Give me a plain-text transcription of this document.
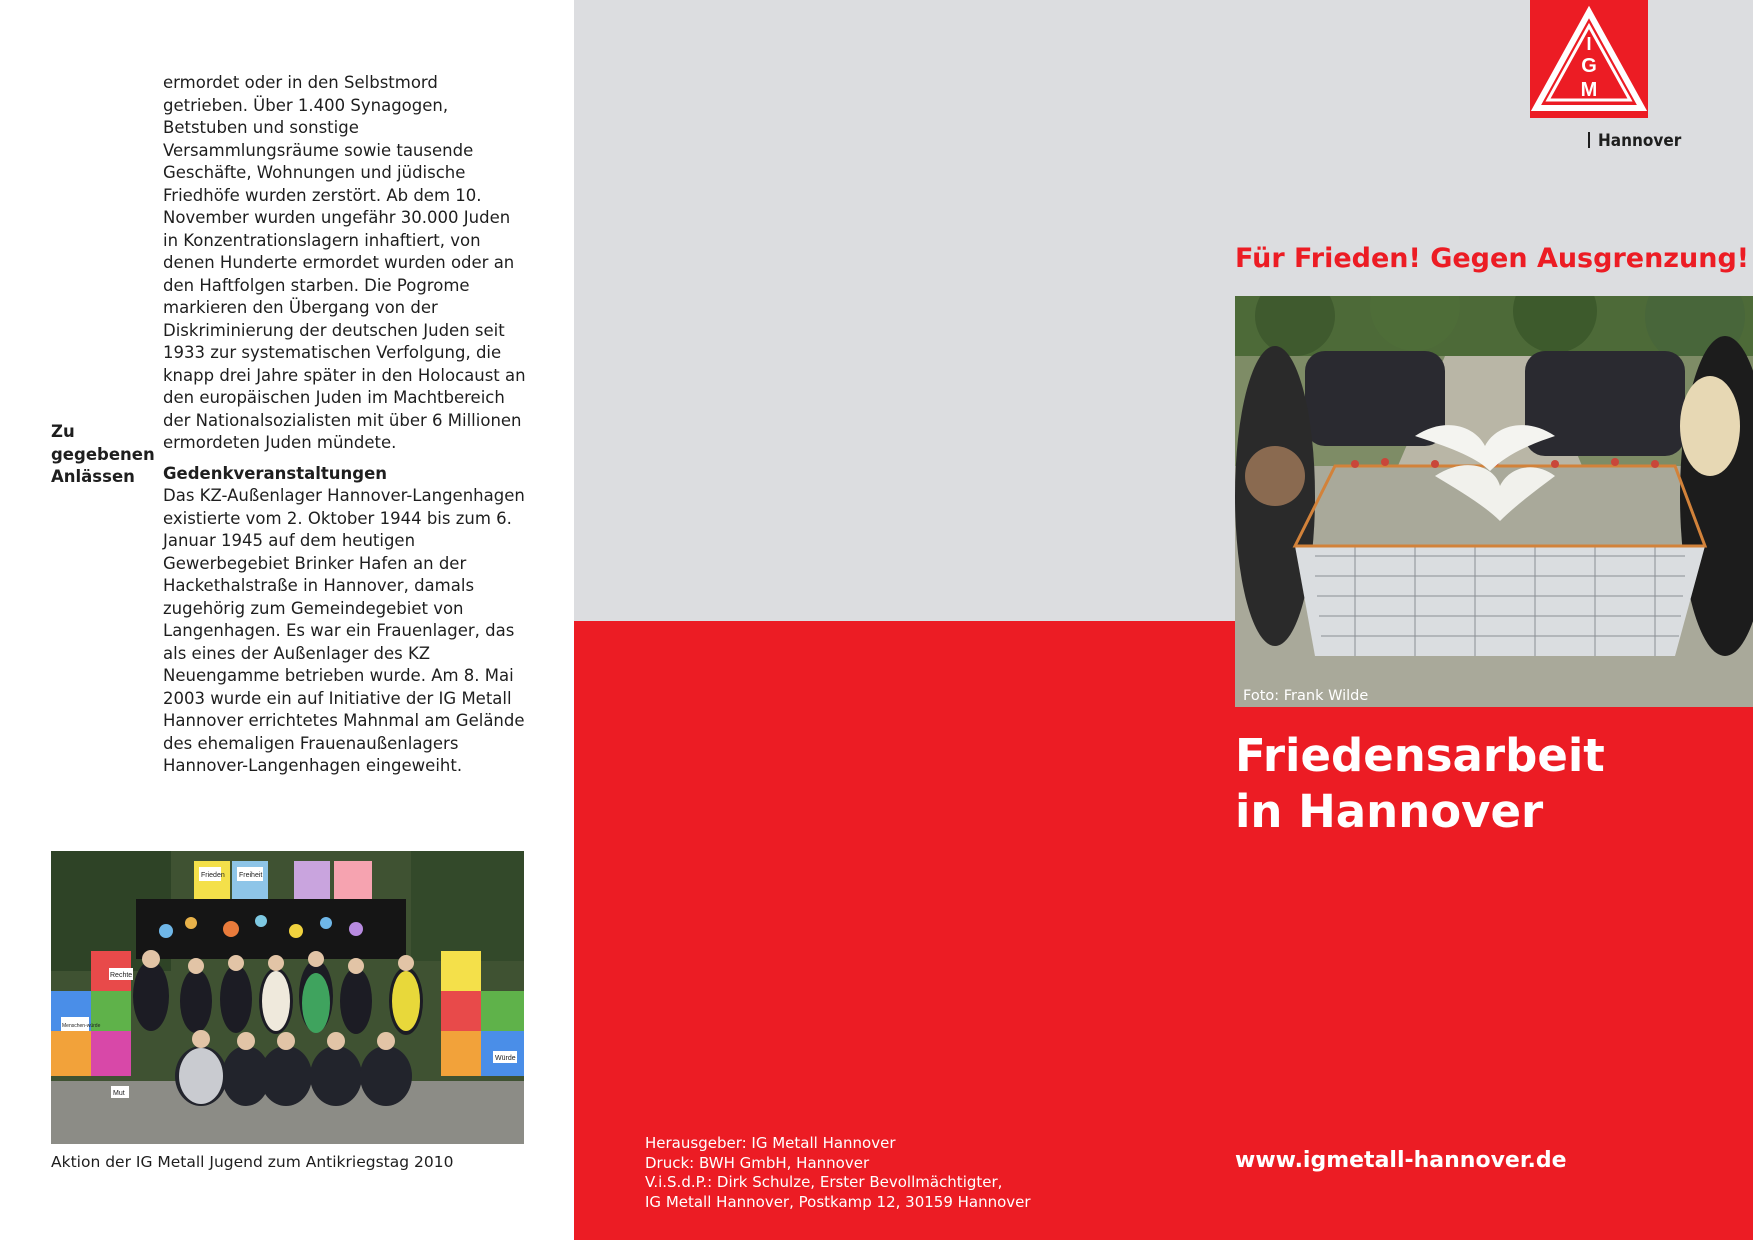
ermordet oder in den Selbstmord getrieben. Über 1.400 Synagogen, Betstuben und sonstige Versammlungsräume sowie tausende Geschäfte, Wohnungen und jüdische Friedhöfe wurden zerstört. Ab dem 10. November wurden ungefähr 30.000 Juden in Konzentrationslagern inhaftiert, von denen Hunderte ermordet wurden oder an den Haftfolgen starben. Die Pogrome markieren den Übergang von der Diskriminierung der deutschen Juden seit 1933 zur systematischen Verfolgung, die knapp drei Jahre später in den Holocaust an den europäischen Juden im Machtbereich der Nationalsozialisten mit über 6 Millionen ermordeten Juden mündete.

Gedenkveranstaltungen

Das KZ-Außenlager Hannover-Langenhagen existierte vom 2. Oktober 1944 bis zum 6. Januar 1945 auf dem heutigen Gewerbegebiet Brinker Hafen an der Hackethalstraße in Hannover, damals zugehörig zum Gemeindegebiet von Langenhagen. Es war ein Frauenlager, das als eines der Außenlager des KZ Neuengamme betrieben wurde. Am 8. Mai 2003 wurde ein auf Initiative der IG Metall Hannover errichtetes Mahnmal am Gelände des ehemaligen Frauenaußenlagers Hannover-Langenhagen eingeweiht.

Zu gegebenen Anlässen
Frieden Freiheit
Rechte
Menschen-würde
Mut
Würde
Aktion der IG Metall Jugend zum Antikriegstag 2010
I
G
M
Hannover
Für Frieden! Gegen Ausgrenzung!
Foto: Frank Wilde
Friedensarbeit
in Hannover
Herausgeber: IG Metall Hannover
Druck: BWH GmbH, Hannover
V.i.S.d.P.: Dirk Schulze, Erster Bevollmächtigter,
IG Metall Hannover, Postkamp 12, 30159 Hannover
www.igmetall-hannover.de
